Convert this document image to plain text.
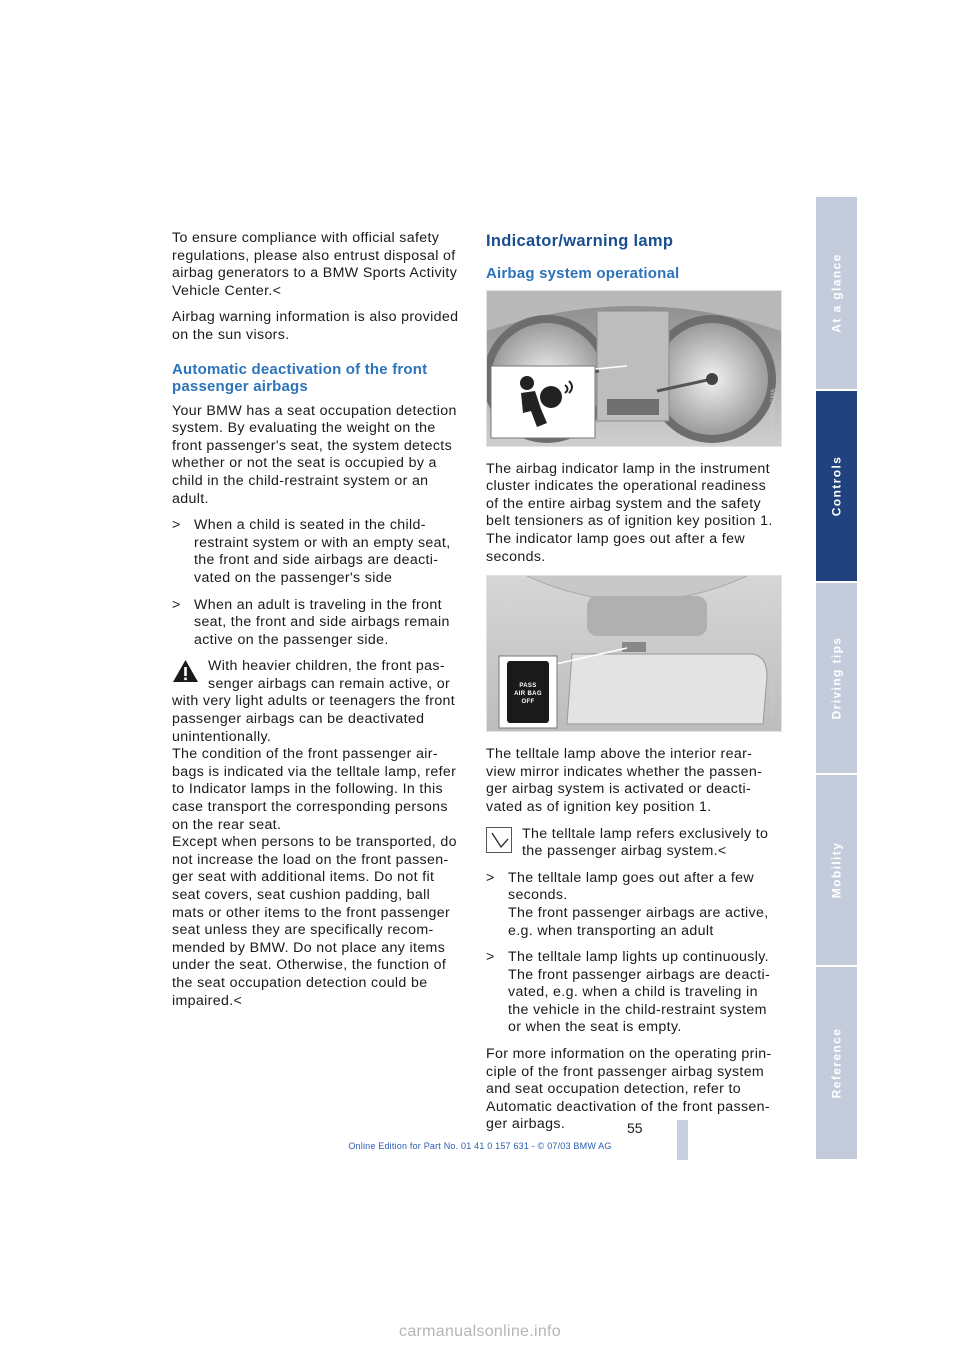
To ensure compliance with official safety regulations, please also entrust disposal of airbag generators to a BMW Sports Activity Vehicle Center.<

Airbag warning information is also provided on the sun visors.

Automatic deactivation of the front passenger airbags

Your BMW has a seat occupation detection system. By evaluating the weight on the front passenger's seat, the system detects whether or not the seat is occupied by a child in the child-restraint system or an adult.

> When a child is seated in the child-restraint system or with an empty seat, the front and side airbags are deacti-vated on the passenger's side
> When an adult is traveling in the front seat, the front and side airbags remain active on the passenger side.
With heavier children, the front pas-senger airbags can remain active, or
with very light adults or teenagers the front passenger airbags can be deactivated unintentionally.
The condition of the front passenger air-bags is indicated via the telltale lamp, refer to Indicator lamps in the following. In this case transport the corresponding persons on the rear seat.
Except when persons to be transported, do not increase the load on the front passen-ger seat with additional items. Do not fit seat covers, seat cushion padding, ball mats or other items to the front passenger seat unless they are specifically recom-mended by BMW. Do not place any items under the seat. Otherwise, the function of the seat occupation detection could be impaired.<
Indicator/warning lamp
Airbag system operational
MV00606CMA

The airbag indicator lamp in the instrument cluster indicates the operational readiness of the entire airbag system and the safety belt tensioners as of ignition key position 1. The indicator lamp goes out after a few seconds.

PASS
AIR BAG
OFF	MV00524CMA

The telltale lamp above the interior rear-view mirror indicates whether the passen-ger airbag system is activated or deacti-vated as of ignition key position 1.

The telltale lamp refers exclusively to the passenger airbag system.<
> The telltale lamp goes out after a few seconds.
The front passenger airbags are active, e.g. when transporting an adult
> The telltale lamp lights up continuously.
The front passenger airbags are deacti-vated, e.g. when a child is traveling in the vehicle in the child-restraint system or when the seat is empty.

For more information on the operating prin-ciple of the front passenger airbag system and seat occupation detection, refer to Automatic deactivation of the front passen-ger airbags.

At a glance
Controls
Driving tips
Mobility
Reference
55
Online Edition for Part No. 01 41 0 157 631 - © 07/03 BMW AG
carmanualsonline.info
